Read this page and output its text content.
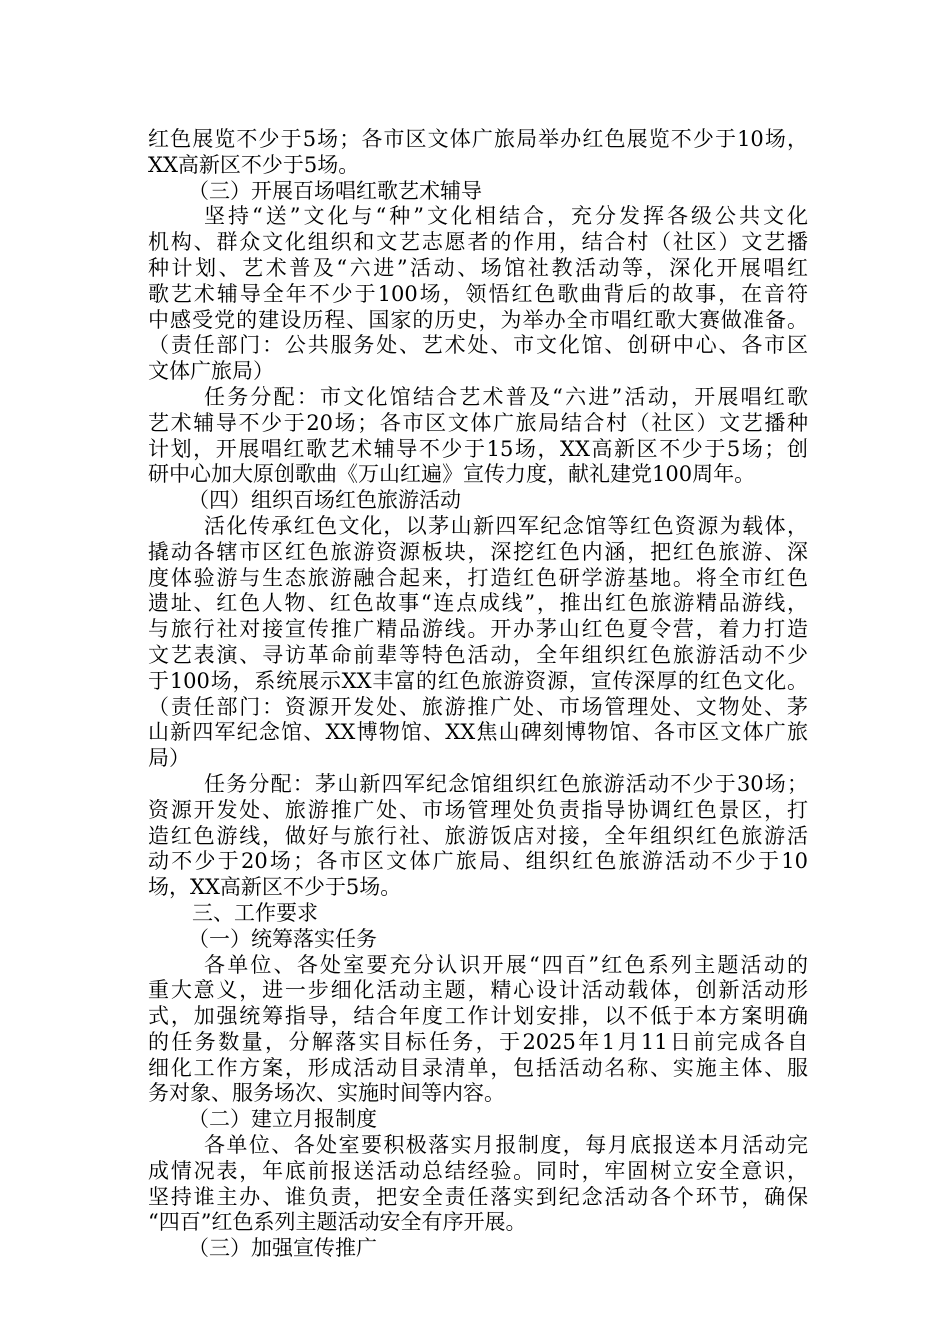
红色展览不少于5场；各市区文体广旅局举办红色展览不少于10场，
XX高新区不少于5场。
（三）开展百场唱红歌艺术辅导
坚持“送”文化与“种”文化相结合，充分发挥各级公共文化
机构、群众文化组织和文艺志愿者的作用，结合村（社区）文艺播
种计划、艺术普及“六进”活动、场馆社教活动等，深化开展唱红
歌艺术辅导全年不少于100场，领悟红色歌曲背后的故事，在音符
中感受党的建设历程、国家的历史，为举办全市唱红歌大赛做准备。
（责任部门：公共服务处、艺术处、市文化馆、创研中心、各市区
文体广旅局）
任务分配：市文化馆结合艺术普及“六进”活动，开展唱红歌
艺术辅导不少于20场；各市区文体广旅局结合村（社区）文艺播种
计划，开展唱红歌艺术辅导不少于15场，XX高新区不少于5场；创
研中心加大原创歌曲《万山红遍》宣传力度，献礼建党100周年。
（四）组织百场红色旅游活动
活化传承红色文化，以茅山新四军纪念馆等红色资源为载体，
撬动各辖市区红色旅游资源板块，深挖红色内涵，把红色旅游、深
度体验游与生态旅游融合起来，打造红色研学游基地。将全市红色
遗址、红色人物、红色故事“连点成线”，推出红色旅游精品游线，
与旅行社对接宣传推广精品游线。开办茅山红色夏令营，着力打造
文艺表演、寻访革命前辈等特色活动，全年组织红色旅游活动不少
于100场，系统展示XX丰富的红色旅游资源，宣传深厚的红色文化。
（责任部门：资源开发处、旅游推广处、市场管理处、文物处、茅
山新四军纪念馆、XX博物馆、XX焦山碑刻博物馆、各市区文体广旅
局）
任务分配：茅山新四军纪念馆组织红色旅游活动不少于30场；
资源开发处、旅游推广处、市场管理处负责指导协调红色景区，打
造红色游线，做好与旅行社、旅游饭店对接，全年组织红色旅游活
动不少于20场；各市区文体广旅局、组织红色旅游活动不少于10
场，XX高新区不少于5场。
三、工作要求
（一）统筹落实任务
各单位、各处室要充分认识开展“四百”红色系列主题活动的
重大意义，进一步细化活动主题，精心设计活动载体，创新活动形
式，加强统筹指导，结合年度工作计划安排，以不低于本方案明确
的任务数量，分解落实目标任务，于2025年1月11日前完成各自
细化工作方案，形成活动目录清单，包括活动名称、实施主体、服
务对象、服务场次、实施时间等内容。
（二）建立月报制度
各单位、各处室要积极落实月报制度，每月底报送本月活动完
成情况表，年底前报送活动总结经验。同时，牢固树立安全意识，
坚持谁主办、谁负责，把安全责任落实到纪念活动各个环节，确保
“四百”红色系列主题活动安全有序开展。
（三）加强宣传推广
